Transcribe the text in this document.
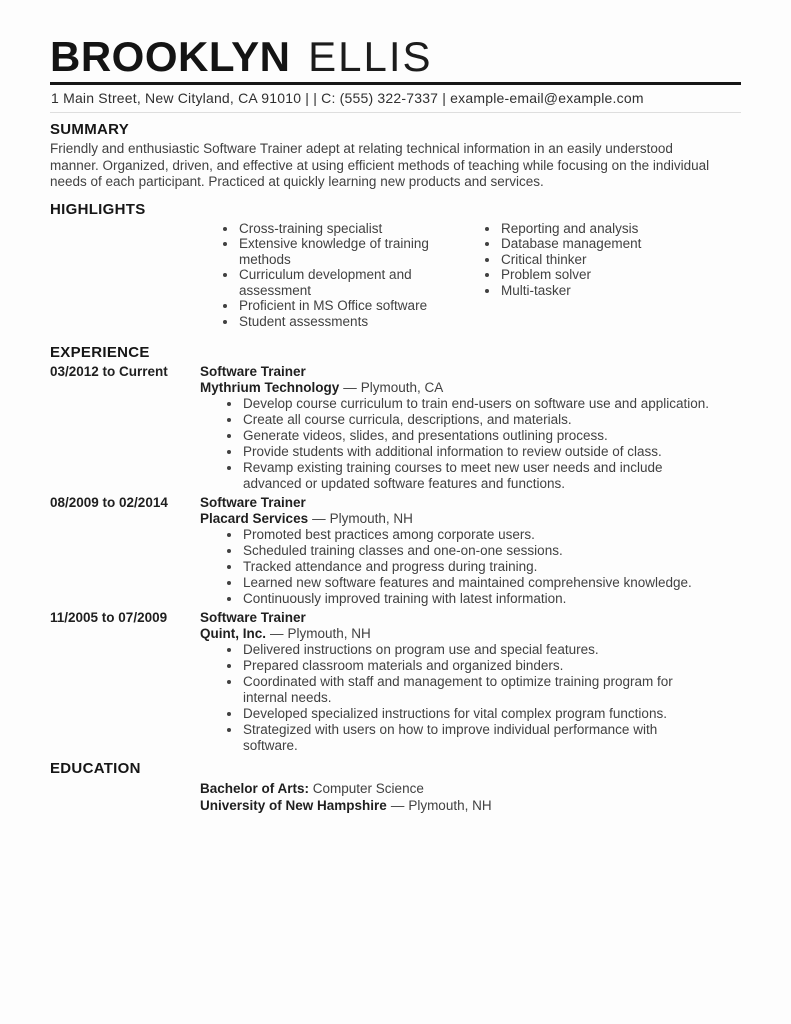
BROOKLYN ELLIS
1 Main Street, New Cityland, CA 91010 | | C: (555) 322-7337 | example-email@example.com
SUMMARY

Friendly and enthusiastic Software Trainer adept at relating technical information in an easily understood manner. Organized, driven, and effective at using efficient methods of teaching while focusing on the individual needs of each participant. Practiced at quickly learning new products and services.

HIGHLIGHTS
• Cross-training specialist
• Extensive knowledge of training methods
• Curriculum development and assessment
• Proficient in MS Office software
• Student assessments
• Reporting and analysis
• Database management
• Critical thinker
• Problem solver
• Multi-tasker
EXPERIENCE
03/2012 to Current	Software Trainer
Mythrium Technology — Plymouth, CA
• Develop course curriculum to train end-users on software use and application.
• Create all course curricula, descriptions, and materials.
• Generate videos, slides, and presentations outlining process.
• Provide students with additional information to review outside of class.
• Revamp existing training courses to meet new user needs and include advanced or updated software features and functions.
08/2009 to 02/2014	Software Trainer
Placard Services — Plymouth, NH
• Promoted best practices among corporate users.
• Scheduled training classes and one-on-one sessions.
• Tracked attendance and progress during training.
• Learned new software features and maintained comprehensive knowledge.
• Continuously improved training with latest information.
11/2005 to 07/2009	Software Trainer
Quint, Inc. — Plymouth, NH
• Delivered instructions on program use and special features.
• Prepared classroom materials and organized binders.
• Coordinated with staff and management to optimize training program for internal needs.
• Developed specialized instructions for vital complex program functions.
• Strategized with users on how to improve individual performance with software.
EDUCATION
Bachelor of Arts: Computer Science
University of New Hampshire — Plymouth, NH
